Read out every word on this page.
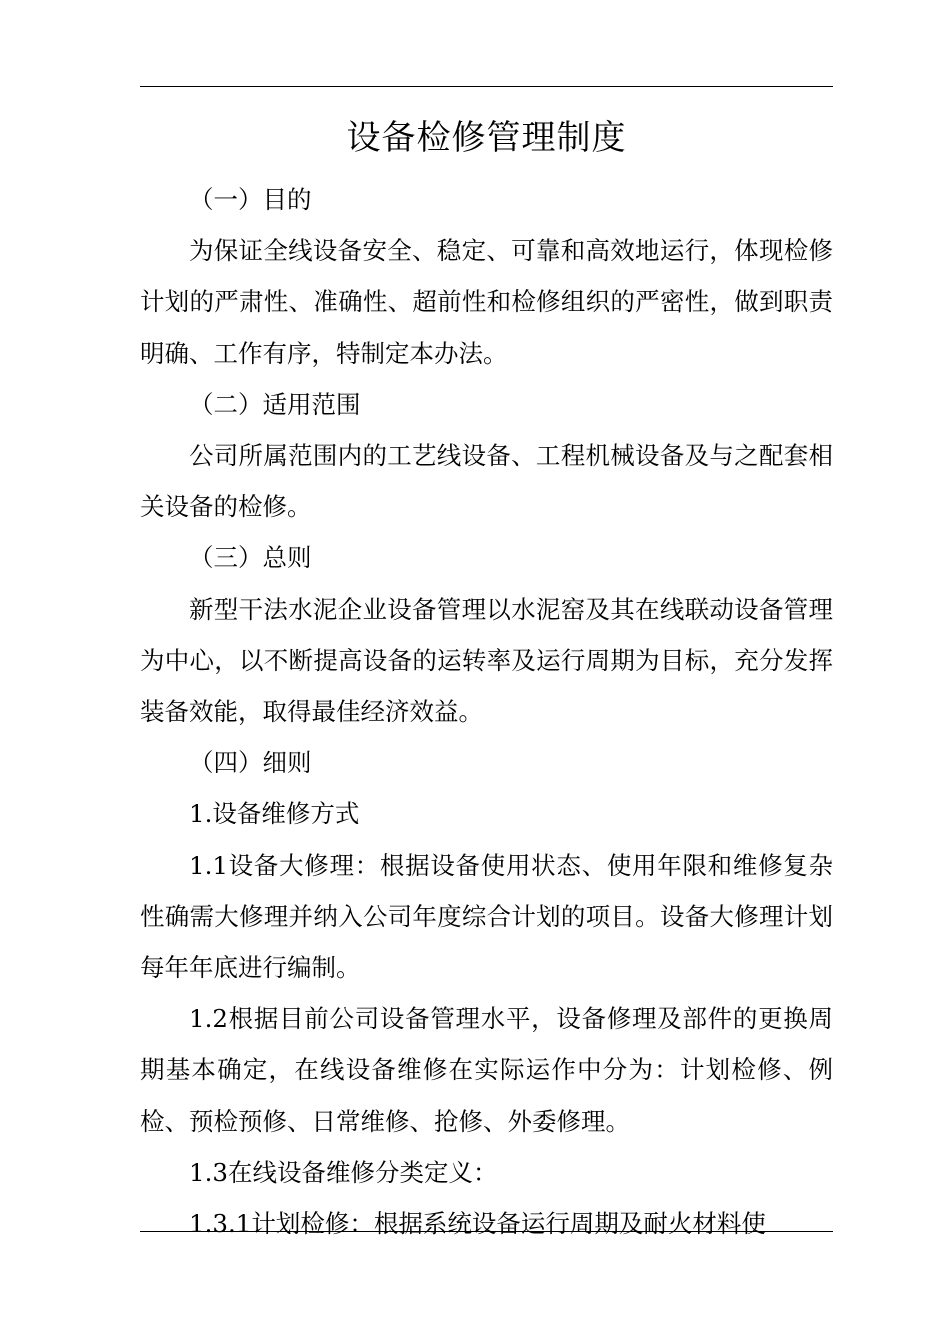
设备检修管理制度

（一）目的

为保证全线设备安全、稳定、可靠和高效地运行，体现检修计划的严肃性、准确性、超前性和检修组织的严密性，做到职责明确、工作有序，特制定本办法。

（二）适用范围

公司所属范围内的工艺线设备、工程机械设备及与之配套相关设备的检修。

（三）总则

新型干法水泥企业设备管理以水泥窑及其在线联动设备管理为中心，以不断提高设备的运转率及运行周期为目标，充分发挥装备效能，取得最佳经济效益。

（四）细则

1.设备维修方式

1.1设备大修理：根据设备使用状态、使用年限和维修复杂性确需大修理并纳入公司年度综合计划的项目。设备大修理计划每年年底进行编制。

1.2根据目前公司设备管理水平，设备修理及部件的更换周期基本确定，在线设备维修在实际运作中分为：计划检修、例检、预检预修、日常维修、抢修、外委修理。

1.3在线设备维修分类定义：

1.3.1计划检修：根据系统设备运行周期及耐火材料使
